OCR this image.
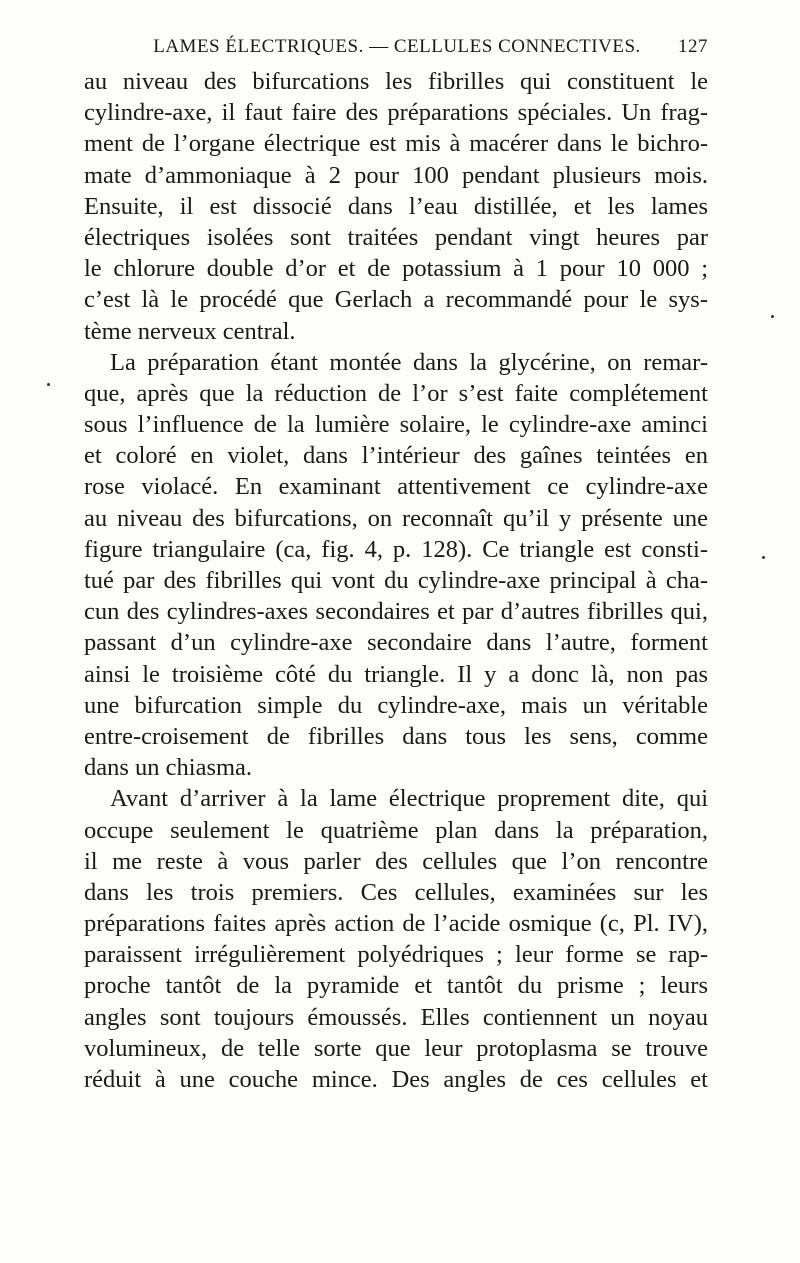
LAMES ÉLECTRIQUES. — CELLULES CONNECTIVES.	127
au niveau des bifurcations les fibrilles qui constituent le
cylindre-axe, il faut faire des préparations spéciales. Un frag-
ment de l’organe électrique est mis à macérer dans le bichro-
mate d’ammoniaque à 2 pour 100 pendant plusieurs mois.
Ensuite, il est dissocié dans l’eau distillée, et les lames
électriques isolées sont traitées pendant vingt heures par
le chlorure double d’or et de potassium à 1 pour 10 000 ;
c’est là le procédé que Gerlach a recommandé pour le sys-
tème nerveux central.
La préparation étant montée dans la glycérine, on remar-
que, après que la réduction de l’or s’est faite complétement
sous l’influence de la lumière solaire, le cylindre-axe aminci
et coloré en violet, dans l’intérieur des gaînes teintées en
rose violacé. En examinant attentivement ce cylindre-axe
au niveau des bifurcations, on reconnaît qu’il y présente une
figure triangulaire (ca, fig. 4, p. 128). Ce triangle est consti-
tué par des fibrilles qui vont du cylindre-axe principal à cha-
cun des cylindres-axes secondaires et par d’autres fibrilles qui,
passant d’un cylindre-axe secondaire dans l’autre, forment
ainsi le troisième côté du triangle. Il y a donc là, non pas
une bifurcation simple du cylindre-axe, mais un véritable
entre-croisement de fibrilles dans tous les sens, comme
dans un chiasma.
Avant d’arriver à la lame électrique proprement dite, qui
occupe seulement le quatrième plan dans la préparation,
il me reste à vous parler des cellules que l’on rencontre
dans les trois premiers. Ces cellules, examinées sur les
préparations faites après action de l’acide osmique (c, Pl. IV),
paraissent irrégulièrement polyédriques ; leur forme se rap-
proche tantôt de la pyramide et tantôt du prisme ; leurs
angles sont toujours émoussés. Elles contiennent un noyau
volumineux, de telle sorte que leur protoplasma se trouve
réduit à une couche mince. Des angles de ces cellules et
